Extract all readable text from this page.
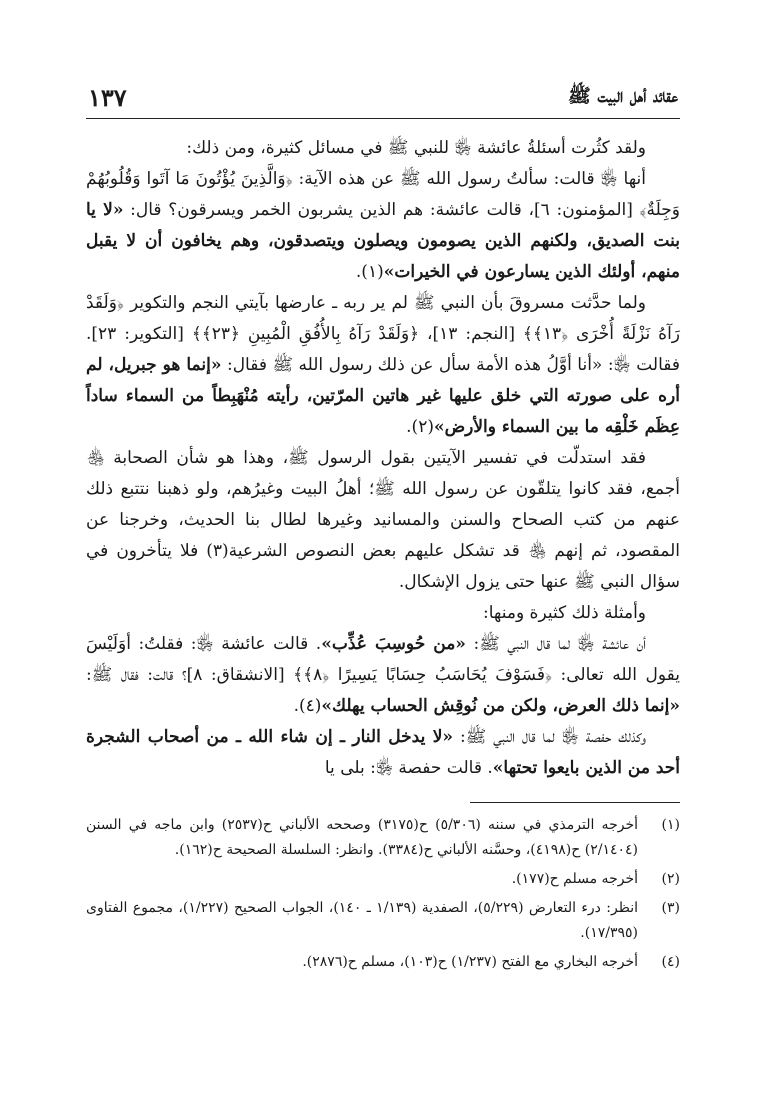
عقائد أهل البيت ﷺ
١٣٧

ولقد كثُرت أسئلةُ عائشة ﵂ للنبي ﷺ في مسائل كثيرة، ومن ذلك:

أنها ﵂ قالت: سألتُ رسول الله ﷺ عن هذه الآية: ﴿وَالَّذِينَ يُؤْتُونَ مَا آتَوا وَقُلُوبُهُمْ وَجِلَةٌ﴾ [المؤمنون: ٦]، قالت عائشة: هم الذين يشربون الخمر ويسرقون؟ قال: «لا يا بنت الصديق، ولكنهم الذين يصومون ويصلون ويتصدقون، وهم يخافون أن لا يقبل منهم، أولئك الذين يسارعون في الخيرات»(١).

ولما حدَّثت مسروقَ بأن النبي ﷺ لم ير ربه ـ عارضها بآيتي النجم والتكوير ﴿وَلَقَدْ رَآهُ نَزْلَةً أُخْرَى ﴿١٣﴾﴾ [النجم: ١٣]، ﴿وَلَقَدْ رَآهُ بِالأُفُقِ الْمُبِينِ ﴿٢٣﴾﴾ [التكوير: ٢٣]. فقالت ﵂: «أنا أوَّلُ هذه الأمة سأل عن ذلك رسول الله ﷺ فقال: «إنما هو جبريل، لم أره على صورته التي خلق عليها غير هاتين المرّتين، رأيته مُنْهَبِطاً من السماء ساداً عِظَم خَلْقِه ما بين السماء والأرض»(٢).

فقد استدلّت في تفسير الآيتين بقول الرسول ﷺ، وهذا هو شأن الصحابة ﵃ أجمع، فقد كانوا يتلقّون عن رسول الله ﷺ؛ أهلُ البيت وغيرُهم، ولو ذهبنا نتتبع ذلك عنهم من كتب الصحاح والسنن والمسانيد وغيرها لطال بنا الحديث، وخرجنا عن المقصود، ثم إنهم ﵃ قد تشكل عليهم بعض النصوص الشرعية(٣) فلا يتأخرون في سؤال النبي ﷺ عنها حتى يزول الإشكال.

وأمثلة ذلك كثيرة ومنها:

أن عائشة ﵂ لما قال النبي ﷺ: «من حُوسِبَ عُذِّب». قالت عائشة ﵂: فقلتُ: أوَلَيْسَ يقول الله تعالى: ﴿فَسَوْفَ يُحَاسَبُ حِسَابًا يَسِيرًا ﴿٨﴾﴾ [الانشقاق: ٨]؟ قالت: فقال ﷺ: «إنما ذلك العرض، ولكن من نُوقِش الحساب يهلك»(٤).

وكذلك حفصة ﵂ لما قال النبي ﷺ: «لا يدخل النار ـ إن شاء الله ـ من أصحاب الشجرة أحد من الذين بايعوا تحتها». قالت حفصة ﵂: بلى يا

(١)
أخرجه الترمذي في سننه (٥/٣٠٦) ح(٣١٧٥) وصححه الألباني ح(٢٥٣٧) وابن ماجه في السنن (٢/١٤٠٤) ح(٤١٩٨)، وحسَّنه الألباني ح(٣٣٨٤). وانظر: السلسلة الصحيحة ح(١٦٢).
(٢)
أخرجه مسلم ح(١٧٧).
(٣)
انظر: درء التعارض (٥/٢٢٩)، الصفدية (١/١٣٩ ـ ١٤٠)، الجواب الصحيح (١/٢٢٧)، مجموع الفتاوى (١٧/٣٩٥).
(٤)
أخرجه البخاري مع الفتح (١/٢٣٧) ح(١٠٣)، مسلم ح(٢٨٧٦).
